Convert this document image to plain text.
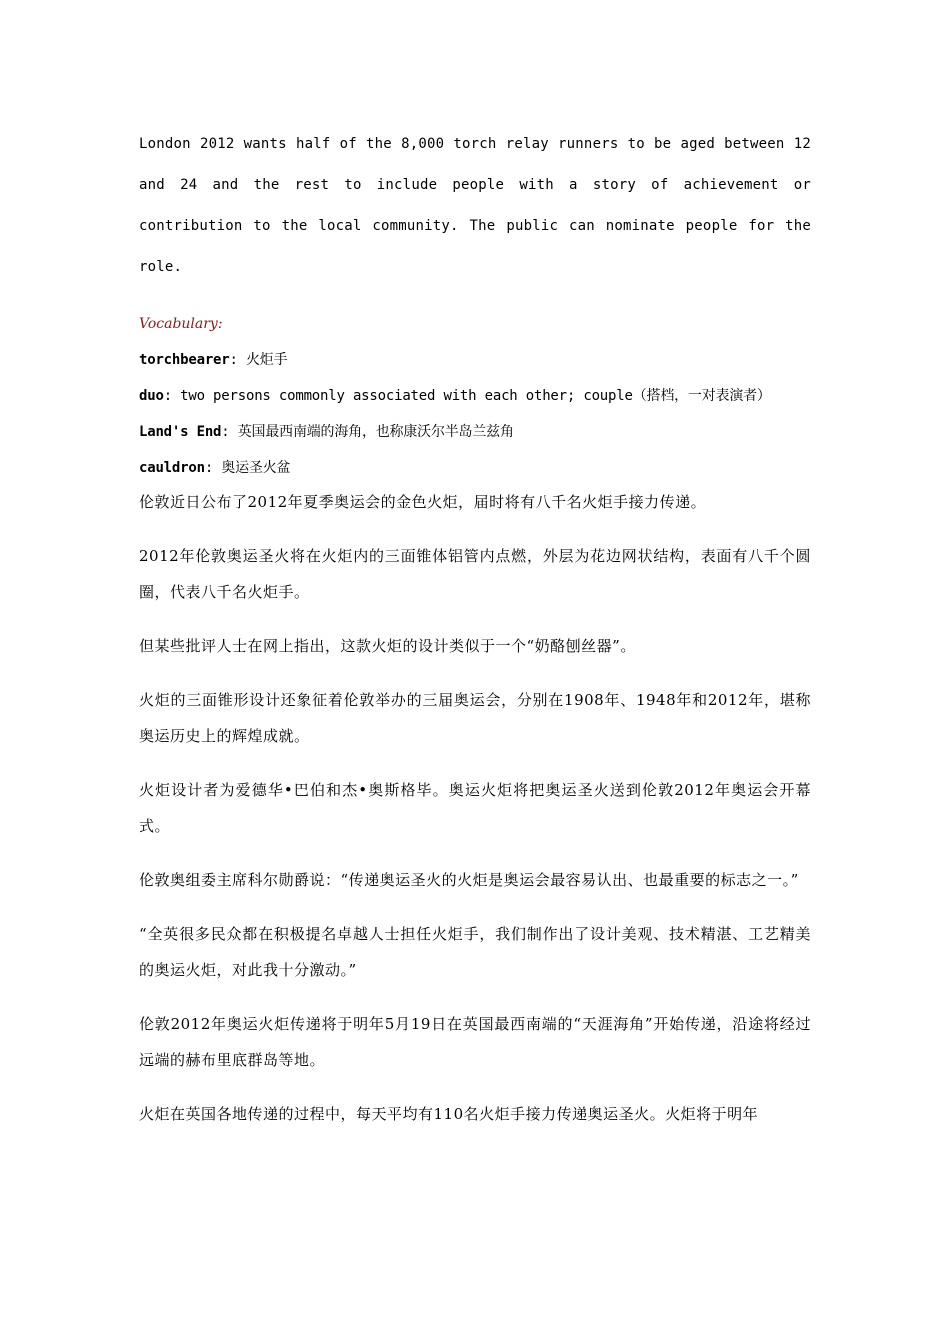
London 2012 wants half of the 8,000 torch relay runners to be aged between 12 and 24 and the rest to include people with a story of achievement or contribution to the local community. The public can nominate people for the role.

Vocabulary:
torchbearer: 火炬手
duo: two persons commonly associated with each other; couple（搭档，一对表演者）
Land's End: 英国最西南端的海角，也称康沃尔半岛兰兹角
cauldron: 奥运圣火盆

伦敦近日公布了2012年夏季奥运会的金色火炬，届时将有八千名火炬手接力传递。

2012年伦敦奥运圣火将在火炬内的三面锥体铝管内点燃，外层为花边网状结构，表面有八千个圆圈，代表八千名火炬手。

但某些批评人士在网上指出，这款火炬的设计类似于一个“奶酪刨丝器”。

火炬的三面锥形设计还象征着伦敦举办的三届奥运会，分别在1908年、1948年和2012年，堪称奥运历史上的辉煌成就。

火炬设计者为爱德华•巴伯和杰•奥斯格毕。奥运火炬将把奥运圣火送到伦敦2012年奥运会开幕式。

伦敦奥组委主席科尔勋爵说：“传递奥运圣火的火炬是奥运会最容易认出、也最重要的标志之一。”

“全英很多民众都在积极提名卓越人士担任火炬手，我们制作出了设计美观、技术精湛、工艺精美的奥运火炬，对此我十分激动。”

伦敦2012年奥运火炬传递将于明年5月19日在英国最西南端的“天涯海角”开始传递，沿途将经过远端的赫布里底群岛等地。

火炬在英国各地传递的过程中，每天平均有110名火炬手接力传递奥运圣火。火炬将于明年
